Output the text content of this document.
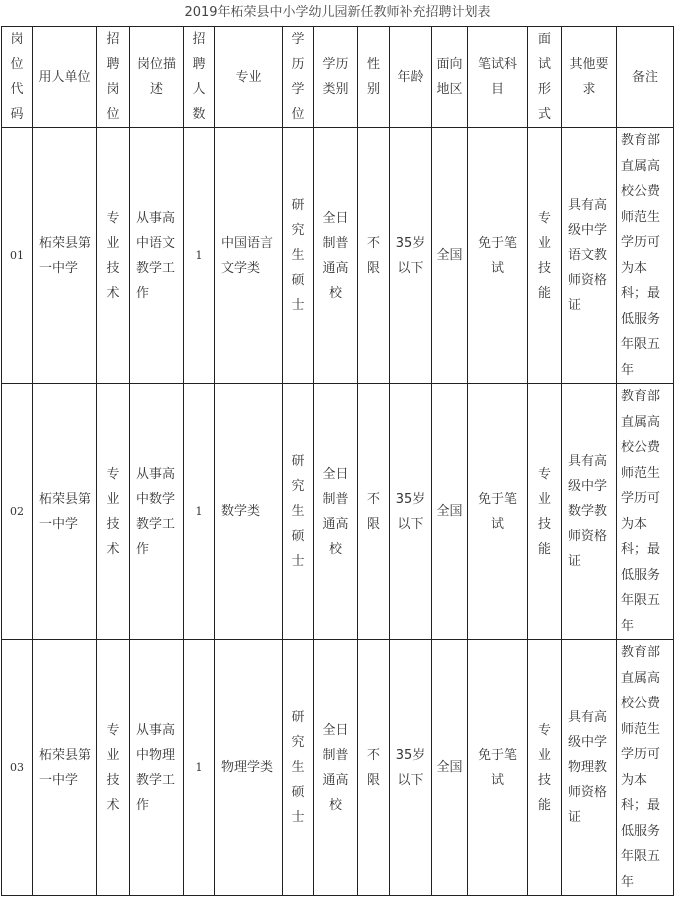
2019年柘荣县中小学幼儿园新任教师补充招聘计划表
岗位代码	用人单位	招聘岗位	岗位描述	招聘人数	专业	学历学位	学历类别	性别	年龄	面向地区	笔试科目	面试形式	其他要求	备注
01	柘荣县第一中学	专业技术	从事高中语文教学工作	1	中国语言文学类	研究生硕士	全日制普通高校	不限	35岁以下	全国	免于笔试	专业技能	具有高级中学语文教师资格证	教育部直属高校公费师范生学历可为本科；最低服务年限五年
02	柘荣县第一中学	专业技术	从事高中数学教学工作	1	数学类	研究生硕士	全日制普通高校	不限	35岁以下	全国	免于笔试	专业技能	具有高级中学数学教师资格证	教育部直属高校公费师范生学历可为本科；最低服务年限五年
03	柘荣县第一中学	专业技术	从事高中物理教学工作	1	物理学类	研究生硕士	全日制普通高校	不限	35岁以下	全国	免于笔试	专业技能	具有高级中学物理教师资格证	教育部直属高校公费师范生学历可为本科；最低服务年限五年
